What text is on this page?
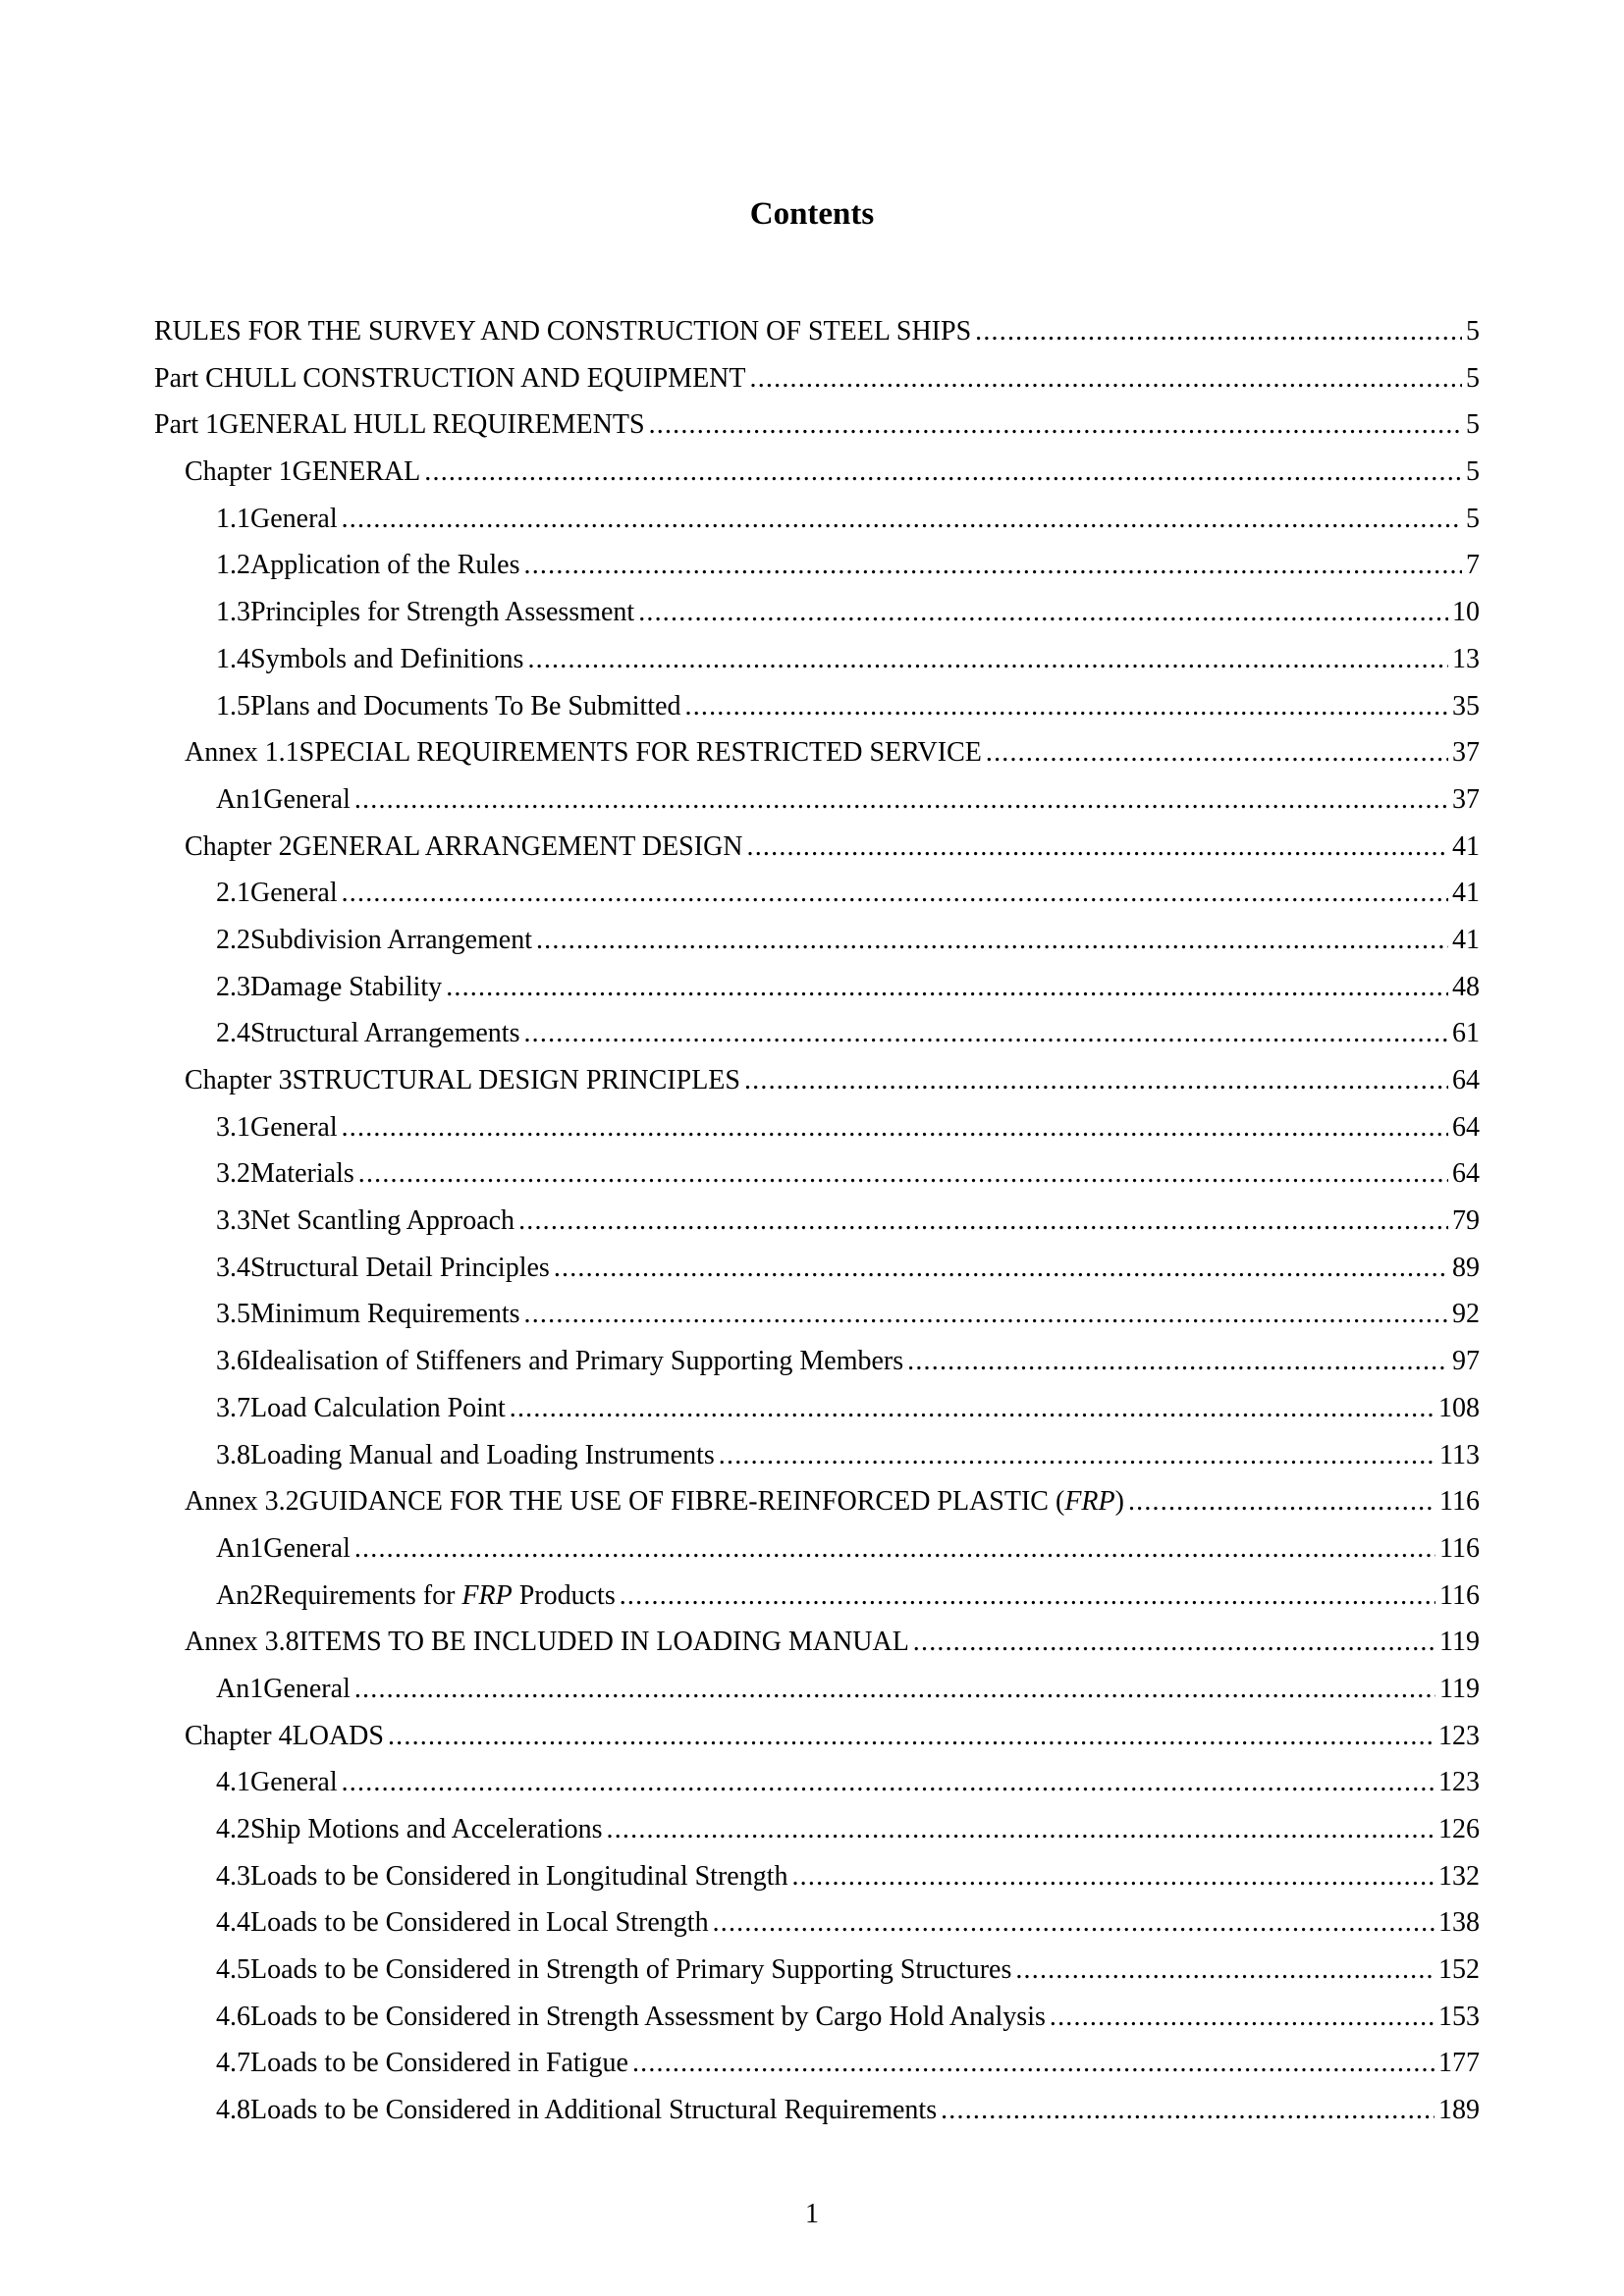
Contents
RULES FOR THE SURVEY AND CONSTRUCTION OF STEEL SHIPS .....	5
Part C HULL CONSTRUCTION AND EQUIPMENT .....	5
Part 1 GENERAL HULL REQUIREMENTS .....	5
Chapter 1 GENERAL .....	5
1.1 General .....	5
1.2 Application of the Rules .....	7
1.3 Principles for Strength Assessment .....	10
1.4 Symbols and Definitions .....	13
1.5 Plans and Documents To Be Submitted .....	35
Annex 1.1 SPECIAL REQUIREMENTS FOR RESTRICTED SERVICE .....	37
An1 General .....	37
Chapter 2 GENERAL ARRANGEMENT DESIGN .....	41
2.1 General .....	41
2.2 Subdivision Arrangement .....	41
2.3 Damage Stability .....	48
2.4 Structural Arrangements .....	61
Chapter 3 STRUCTURAL DESIGN PRINCIPLES .....	64
3.1 General .....	64
3.2 Materials .....	64
3.3 Net Scantling Approach .....	79
3.4 Structural Detail Principles .....	89
3.5 Minimum Requirements .....	92
3.6 Idealisation of Stiffeners and Primary Supporting Members .....	97
3.7 Load Calculation Point .....	108
3.8 Loading Manual and Loading Instruments .....	113
Annex 3.2 GUIDANCE FOR THE USE OF FIBRE-REINFORCED PLASTIC (FRP) .....	116
An1 General .....	116
An2 Requirements for FRP Products .....	116
Annex 3.8 ITEMS TO BE INCLUDED IN LOADING MANUAL .....	119
An1 General .....	119
Chapter 4 LOADS .....	123
4.1 General .....	123
4.2 Ship Motions and Accelerations .....	126
4.3 Loads to be Considered in Longitudinal Strength .....	132
4.4 Loads to be Considered in Local Strength .....	138
4.5 Loads to be Considered in Strength of Primary Supporting Structures .....	152
4.6 Loads to be Considered in Strength Assessment by Cargo Hold Analysis .....	153
4.7 Loads to be Considered in Fatigue .....	177
4.8 Loads to be Considered in Additional Structural Requirements .....	189
1
